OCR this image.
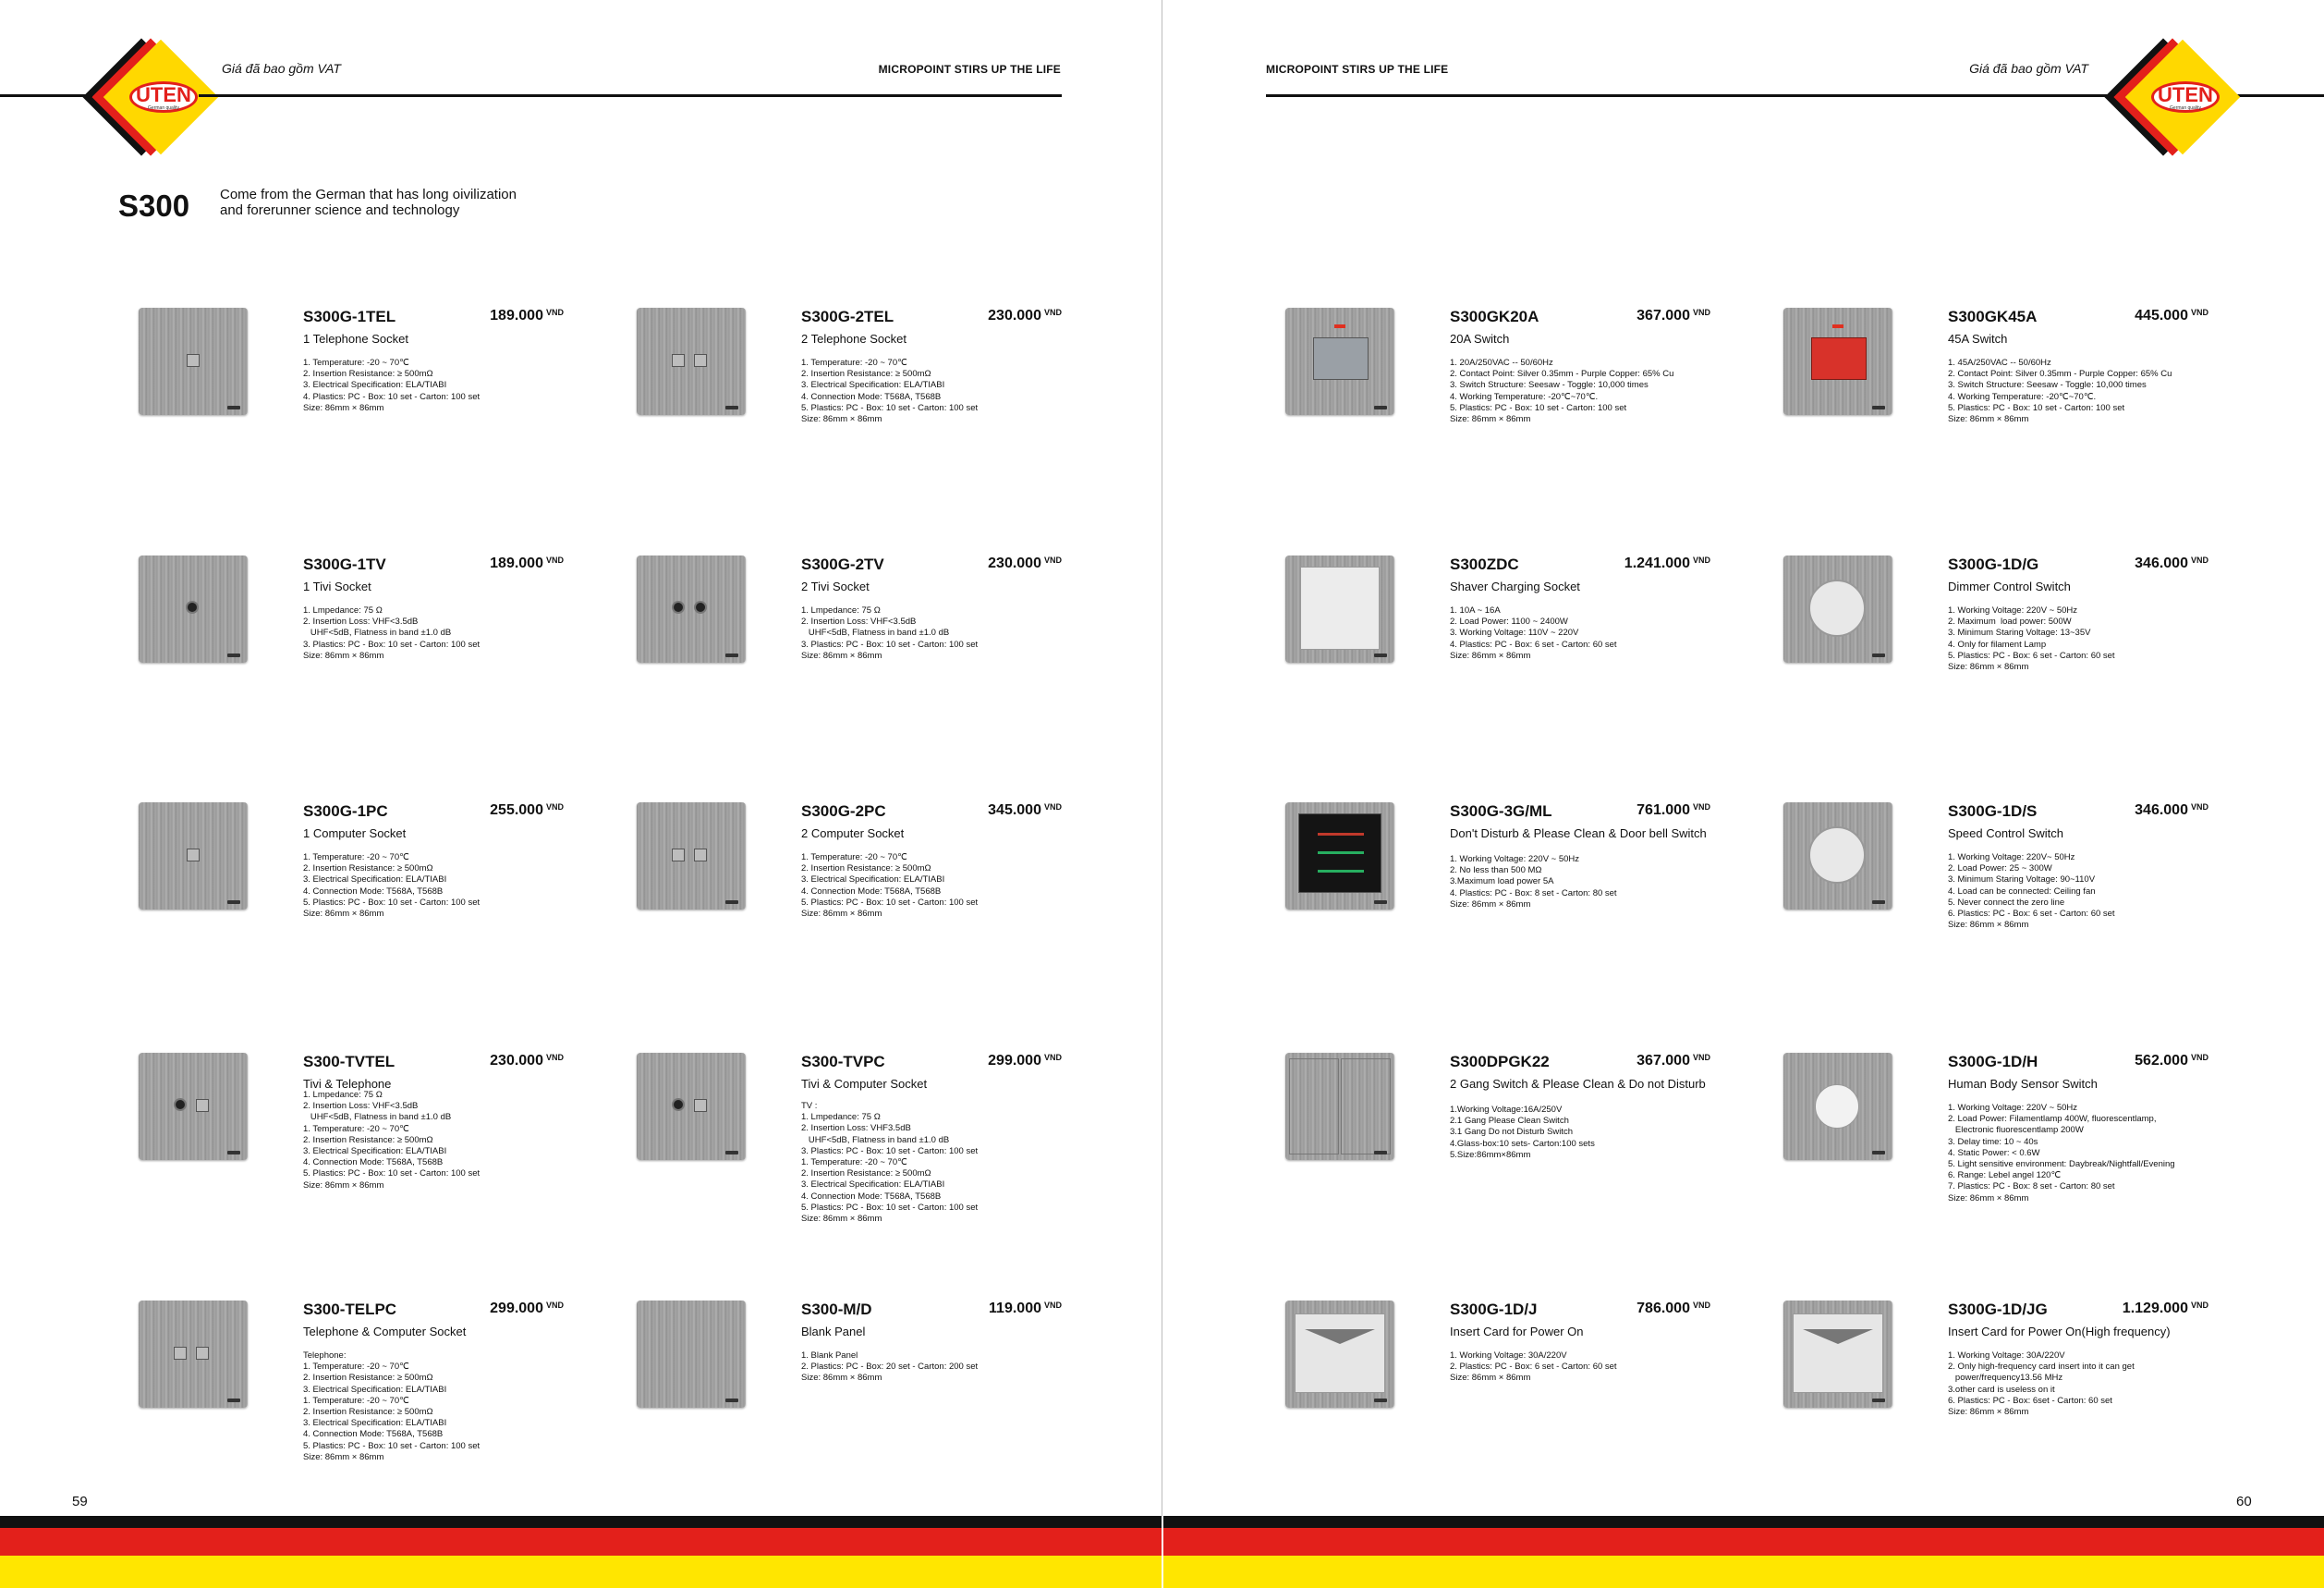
UTEN
German quality
Giá đã bao gồm VAT	MICROPOINT STIRS UP THE LIFE
S300 Come from the German that has long oivilization
and forerunner science and technology
59
MICROPOINT STIRS UP THE LIFE	Giá đã bao gồm VAT
UTEN
German quality
60
S300G-1TEL	189.000 $^{VND}$
1 Telephone Socket
1. Temperature: -20 ~ 70℃
2. Insertion Resistance: ≥ 500mΩ
3. Electrical Specification: ELA/TIABI
4. Plastics: PC - Box: 10 set - Carton: 100 set
Size: 86mm × 86mm
S300G-2TEL	230.000 $^{VND}$
2 Telephone Socket
1. Temperature: -20 ~ 70℃
2. Insertion Resistance: ≥ 500mΩ
3. Electrical Specification: ELA/TIABI
4. Connection Mode: T568A, T568B
5. Plastics: PC - Box: 10 set - Carton: 100 set
Size: 86mm × 86mm
S300G-1TV	189.000 $^{VND}$
1 Tivi Socket
1. Lmpedance: 75 Ω
2. Insertion Loss: VHF<3.5dB
UHF<5dB, Flatness in band ±1.0 dB
3. Plastics: PC - Box: 10 set - Carton: 100 set
Size: 86mm × 86mm
S300G-2TV	230.000 $^{VND}$
2 Tivi Socket
1. Lmpedance: 75 Ω
2. Insertion Loss: VHF<3.5dB
UHF<5dB, Flatness in band ±1.0 dB
3. Plastics: PC - Box: 10 set - Carton: 100 set
Size: 86mm × 86mm
S300G-1PC	255.000 $^{VND}$
1 Computer Socket
1. Temperature: -20 ~ 70℃
2. Insertion Resistance: ≥ 500mΩ
3. Electrical Specification: ELA/TIABI
4. Connection Mode: T568A, T568B
5. Plastics: PC - Box: 10 set - Carton: 100 set
Size: 86mm × 86mm
S300G-2PC	345.000 $^{VND}$
2 Computer Socket
1. Temperature: -20 ~ 70℃
2. Insertion Resistance: ≥ 500mΩ
3. Electrical Specification: ELA/TIABI
4. Connection Mode: T568A, T568B
5. Plastics: PC - Box: 10 set - Carton: 100 set
Size: 86mm × 86mm
S300-TVTEL	230.000 $^{VND}$
Tivi & Telephone
1. Lmpedance: 75 Ω
2. Insertion Loss: VHF<3.5dB
UHF<5dB, Flatness in band ±1.0 dB
1. Temperature: -20 ~ 70℃
2. Insertion Resistance: ≥ 500mΩ
3. Electrical Specification: ELA/TIABI
4. Connection Mode: T568A, T568B
5. Plastics: PC - Box: 10 set - Carton: 100 set
Size: 86mm × 86mm
S300-TVPC	299.000 $^{VND}$
Tivi & Computer Socket
TV :
1. Lmpedance: 75 Ω
2. Insertion Loss: VHF3.5dB
UHF<5dB, Flatness in band ±1.0 dB
3. Plastics: PC - Box: 10 set - Carton: 100 set
1. Temperature: -20 ~ 70℃
2. Insertion Resistance: ≥ 500mΩ
3. Electrical Specification: ELA/TIABI
4. Connection Mode: T568A, T568B
5. Plastics: PC - Box: 10 set - Carton: 100 set
Size: 86mm × 86mm
S300-TELPC	299.000 $^{VND}$
Telephone & Computer Socket
Telephone:
1. Temperature: -20 ~ 70℃
2. Insertion Resistance: ≥ 500mΩ
3. Electrical Specification: ELA/TIABI
1. Temperature: -20 ~ 70℃
2. Insertion Resistance: ≥ 500mΩ
3. Electrical Specification: ELA/TIABI
4. Connection Mode: T568A, T568B
5. Plastics: PC - Box: 10 set - Carton: 100 set
Size: 86mm × 86mm
S300-M/D	119.000 $^{VND}$
Blank Panel
1. Blank Panel
2. Plastics: PC - Box: 20 set - Carton: 200 set
Size: 86mm × 86mm
S300GK20A	367.000 $^{VND}$
20A Switch
1. 20A/250VAC -- 50/60Hz
2. Contact Point: Silver 0.35mm - Purple Copper: 65% Cu
3. Switch Structure: Seesaw - Toggle: 10,000 times
4. Working Temperature: -20℃~70℃.
5. Plastics: PC - Box: 10 set - Carton: 100 set
Size: 86mm × 86mm
S300GK45A	445.000 $^{VND}$
45A Switch
1. 45A/250VAC -- 50/60Hz
2. Contact Point: Silver 0.35mm - Purple Copper: 65% Cu
3. Switch Structure: Seesaw - Toggle: 10,000 times
4. Working Temperature: -20℃~70℃.
5. Plastics: PC - Box: 10 set - Carton: 100 set
Size: 86mm × 86mm
S300ZDC	1.241.000 $^{VND}$
Shaver Charging Socket
1. 10A ~ 16A
2. Load Power: 1100 ~ 2400W
3. Working Voltage: 110V ~ 220V
4. Plastics: PC - Box: 6 set - Carton: 60 set
Size: 86mm × 86mm
S300G-1D/G	346.000 $^{VND}$
Dimmer Control Switch
1. Working Voltage: 220V ~ 50Hz
2. Maximum  load power: 500W
3. Minimum Staring Voltage: 13~35V
4. Only for filament Lamp
5. Plastics: PC - Box: 6 set - Carton: 60 set
Size: 86mm × 86mm
S300G-3G/ML	761.000 $^{VND}$
Don't Disturb & Please Clean & Door bell Switch
1. Working Voltage: 220V ~ 50Hz
2. No less than 500 MΩ
3.Maximum load power 5A
4. Plastics: PC - Box: 8 set - Carton: 80 set
Size: 86mm × 86mm
S300G-1D/S	346.000 $^{VND}$
Speed Control Switch
1. Working Voltage: 220V~ 50Hz
2. Load Power: 25 ~ 300W
3. Minimum Staring Voltage: 90~110V
4. Load can be connected: Ceiling fan
5. Never connect the zero line
6. Plastics: PC - Box: 6 set - Carton: 60 set
Size: 86mm × 86mm
S300DPGK22	367.000 $^{VND}$
2 Gang Switch & Please Clean & Do not Disturb
1.Working Voltage:16A/250V
2.1 Gang Please Clean Switch
3.1 Gang Do not Disturb Switch
4.Glass-box:10 sets- Carton:100 sets
5.Size:86mm×86mm
S300G-1D/H	562.000 $^{VND}$
Human Body Sensor Switch
1. Working Voltage: 220V ~ 50Hz
2. Load Power: Filamentlamp 400W, fluorescentlamp,
Electronic fluorescentlamp 200W
3. Delay time: 10 ~ 40s
4. Static Power: < 0.6W
5. Light sensitive environment: Daybreak/Nightfall/Evening
6. Range: Lebel angel 120℃
7. Plastics: PC - Box: 8 set - Carton: 80 set
Size: 86mm × 86mm
S300G-1D/J	786.000 $^{VND}$
Insert Card for Power On
1. Working Voltage: 30A/220V
2. Plastics: PC - Box: 6 set - Carton: 60 set
Size: 86mm × 86mm
S300G-1D/JG	1.129.000 $^{VND}$
Insert Card for Power On(High frequency)
1. Working Voltage: 30A/220V
2. Only high-frequency card insert into it can get
power/frequency13.56 MHz
3.other card is useless on it
6. Plastics: PC - Box: 6set - Carton: 60 set
Size: 86mm × 86mm
